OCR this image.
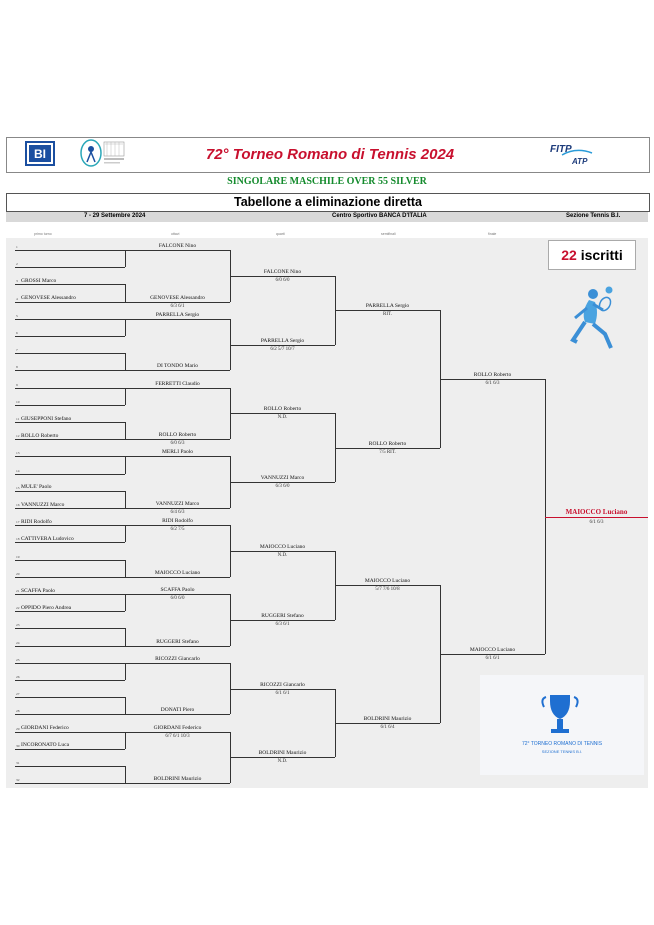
BI	72° Torneo Romano di Tennis 2024	FITP
ATP
SINGOLARE MASCHILE OVER 55 SILVER
Tabellone a eliminazione diretta
7 - 29 Settembre 2024	Centro Sportivo BANCA D'ITALIA	Sezione Tennis B.I.
primo turno	ottavi	quarti	semifinali	finale
1
2
3 GROSSI Marco
4 GENOVESE Alessandro
5
6
7
8
9
10
11 GIUSEPPONI Stefano
12 ROLLO Roberto
13
14
15 MULE' Paolo
16 VANNUZZI Marco
17 RIDI Rodolfo
18 CATTIVERA Ludovico
19
20
21 SCAFFA Paolo
22 OPPIDO Piero Andrea
23
24
25
26
27
28
29 GIORDANI Federico
30 INCORONATO Luca
31
32
FALCONE Nino
GENOVESE Alessandro
6/3 6/1
PARRELLA Sergio
DI TONDO Mario
FERRETTI Claudio
ROLLO Roberto
6/0 6/3
MERLI Paolo
VANNUZZI Marco
6/4 6/3
RIDI Rodolfo
6/2 7/5
MAIOCCO Luciano
SCAFFA Paolo
6/0 6/0
RUGGERI Stefano
RICOZZI Giancarlo
DONATI Piero
GIORDANI Federico
6/7 6/1 10/3
BOLDRINI Maurizio
FALCONE Nino
6/0 6/0
PARRELLA Sergio
6/2 5/7 10/7
ROLLO Roberto
N.D.
VANNUZZI Marco
6/3 6/0
MAIOCCO Luciano
N.D.
RUGGERI Stefano
6/3 6/1
RICOZZI Giancarlo
6/1 6/1
BOLDRINI Maurizio
N.D.
PARRELLA Sergio
RIT.
ROLLO Roberto
7/5 RIT.
MAIOCCO Luciano
5/7 7/6 10/8
BOLDRINI Maurizio
6/1 6/4
ROLLO Roberto
6/1 6/3
MAIOCCO Luciano
6/1 6/1
MAIOCCO Luciano
6/1 6/3
22 iscritti
72° TORNEO ROMANO DI TENNIS
SEZIONE TENNIS B.I.
